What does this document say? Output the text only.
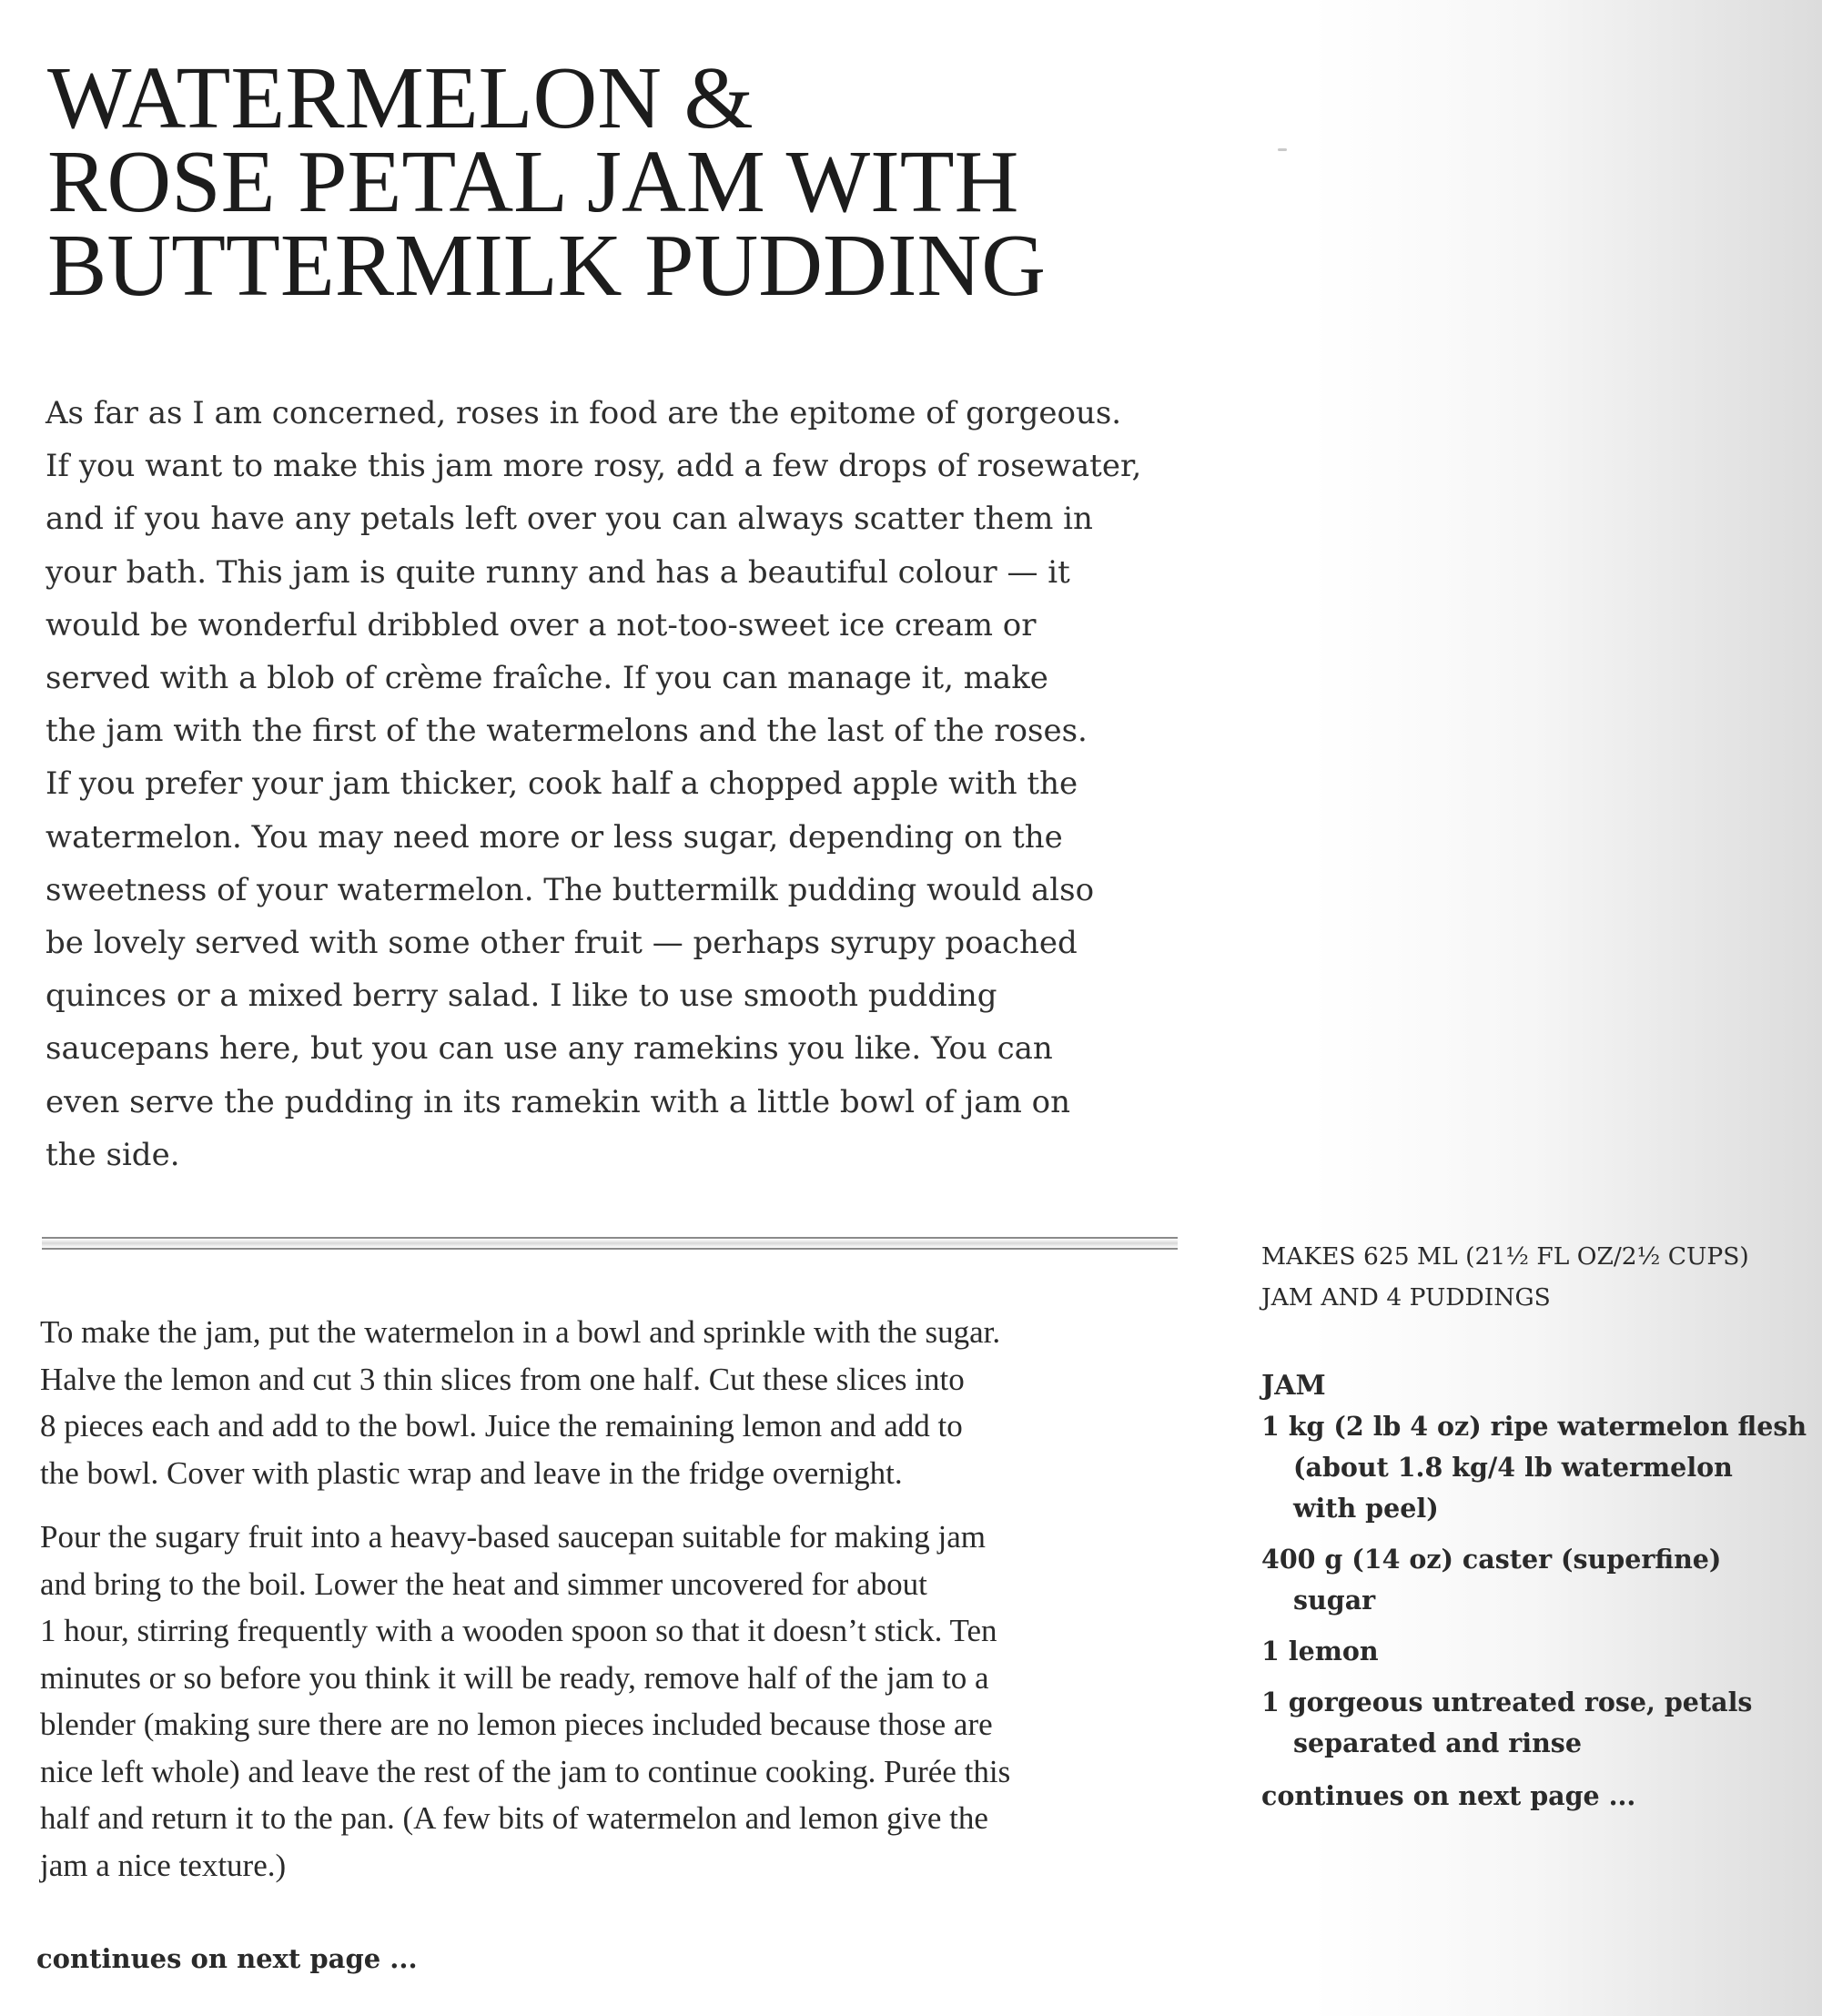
WATERMELON &
ROSE PETAL JAM WITH
BUTTERMILK PUDDING

As far as I am concerned, roses in food are the epitome of gorgeous.
If you want to make this jam more rosy, add a few drops of rosewater,
and if you have any petals left over you can always scatter them in
your bath. This jam is quite runny and has a beautiful colour — it
would be wonderful dribbled over a not-too-sweet ice cream or
served with a blob of crème fraîche. If you can manage it, make
the jam with the first of the watermelons and the last of the roses.
If you prefer your jam thicker, cook half a chopped apple with the
watermelon. You may need more or less sugar, depending on the
sweetness of your watermelon. The buttermilk pudding would also
be lovely served with some other fruit — perhaps syrupy poached
quinces or a mixed berry salad. I like to use smooth pudding
saucepans here, but you can use any ramekins you like. You can
even serve the pudding in its ramekin with a little bowl of jam on
the side.

To make the jam, put the watermelon in a bowl and sprinkle with the sugar.
Halve the lemon and cut 3 thin slices from one half. Cut these slices into
8 pieces each and add to the bowl. Juice the remaining lemon and add to
the bowl. Cover with plastic wrap and leave in the fridge overnight.

Pour the sugary fruit into a heavy-based saucepan suitable for making jam
and bring to the boil. Lower the heat and simmer uncovered for about
1 hour, stirring frequently with a wooden spoon so that it doesn’t stick. Ten
minutes or so before you think it will be ready, remove half of the jam to a
blender (making sure there are no lemon pieces included because those are
nice left whole) and leave the rest of the jam to continue cooking. Purée this
half and return it to the pan. (A few bits of watermelon and lemon give the
jam a nice texture.)

continues on next page ...

MAKES 625 ML (21½ FL OZ/2½ CUPS)
JAM AND 4 PUDDINGS

JAM
1 kg (2 lb 4 oz) ripe watermelon flesh
(about 1.8 kg/4 lb watermelon
with peel)
400 g (14 oz) caster (superfine)
sugar
1 lemon
1 gorgeous untreated rose, petals
separated and rinse

continues on next page ...
